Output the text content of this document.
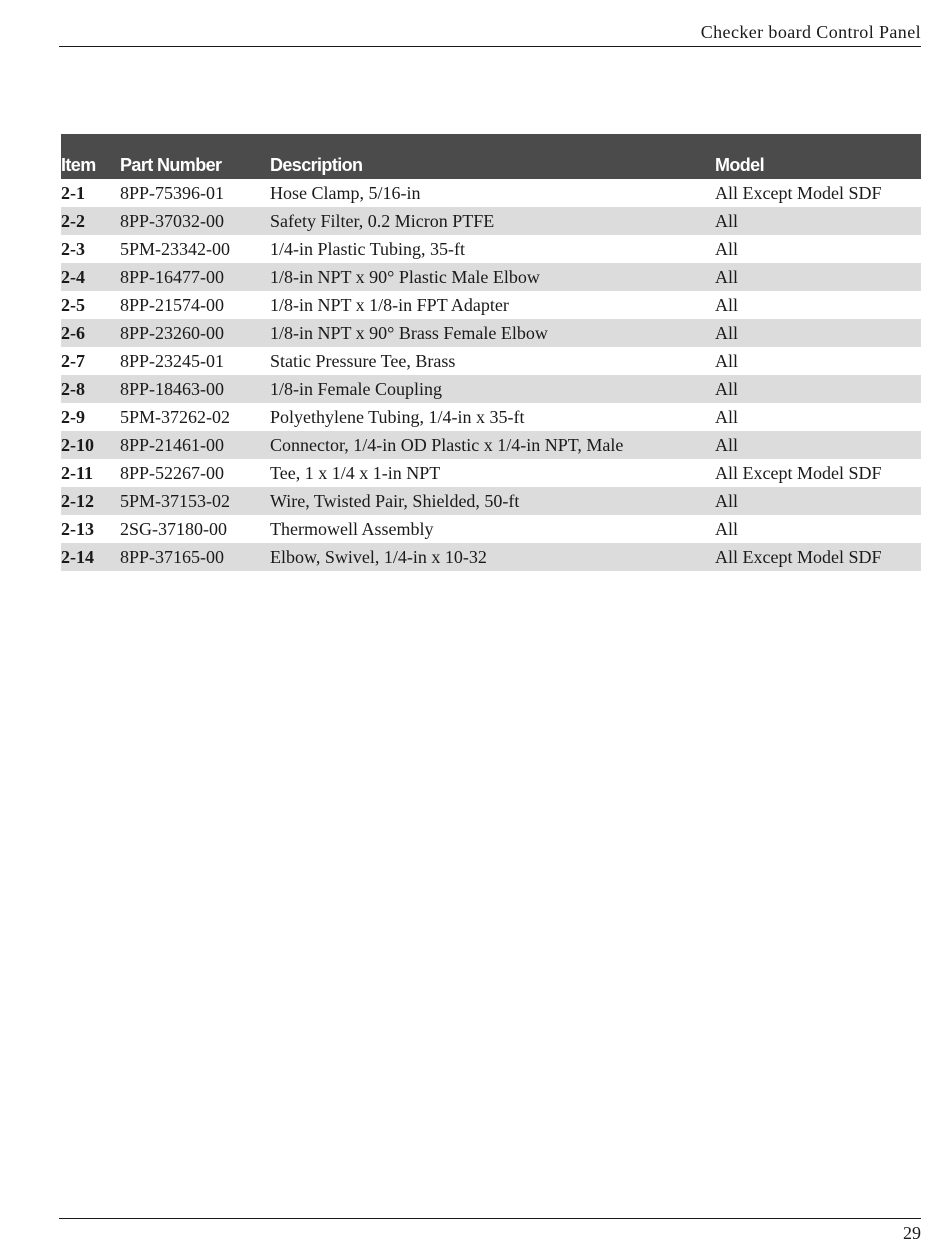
Checker board Control Panel
Item	Part Number	Description	Model
2-1	8PP-75396-01	Hose Clamp, 5/16-in	All Except Model SDF
2-2	8PP-37032-00	Safety Filter, 0.2 Micron PTFE	All
2-3	5PM-23342-00	1/4-in Plastic Tubing, 35-ft	All
2-4	8PP-16477-00	1/8-in NPT x 90° Plastic Male Elbow	All
2-5	8PP-21574-00	1/8-in NPT x 1/8-in FPT Adapter	All
2-6	8PP-23260-00	1/8-in NPT x 90° Brass Female Elbow	All
2-7	8PP-23245-01	Static Pressure Tee, Brass	All
2-8	8PP-18463-00	1/8-in Female Coupling	All
2-9	5PM-37262-02	Polyethylene Tubing, 1/4-in x 35-ft	All
2-10	8PP-21461-00	Connector, 1/4-in OD Plastic x 1/4-in NPT, Male	All
2-11	8PP-52267-00	Tee, 1 x 1/4 x 1-in NPT	All Except Model SDF
2-12	5PM-37153-02	Wire, Twisted Pair, Shielded, 50-ft	All
2-13	2SG-37180-00	Thermowell Assembly	All
2-14	8PP-37165-00	Elbow, Swivel, 1/4-in x 10-32	All Except Model SDF
29
